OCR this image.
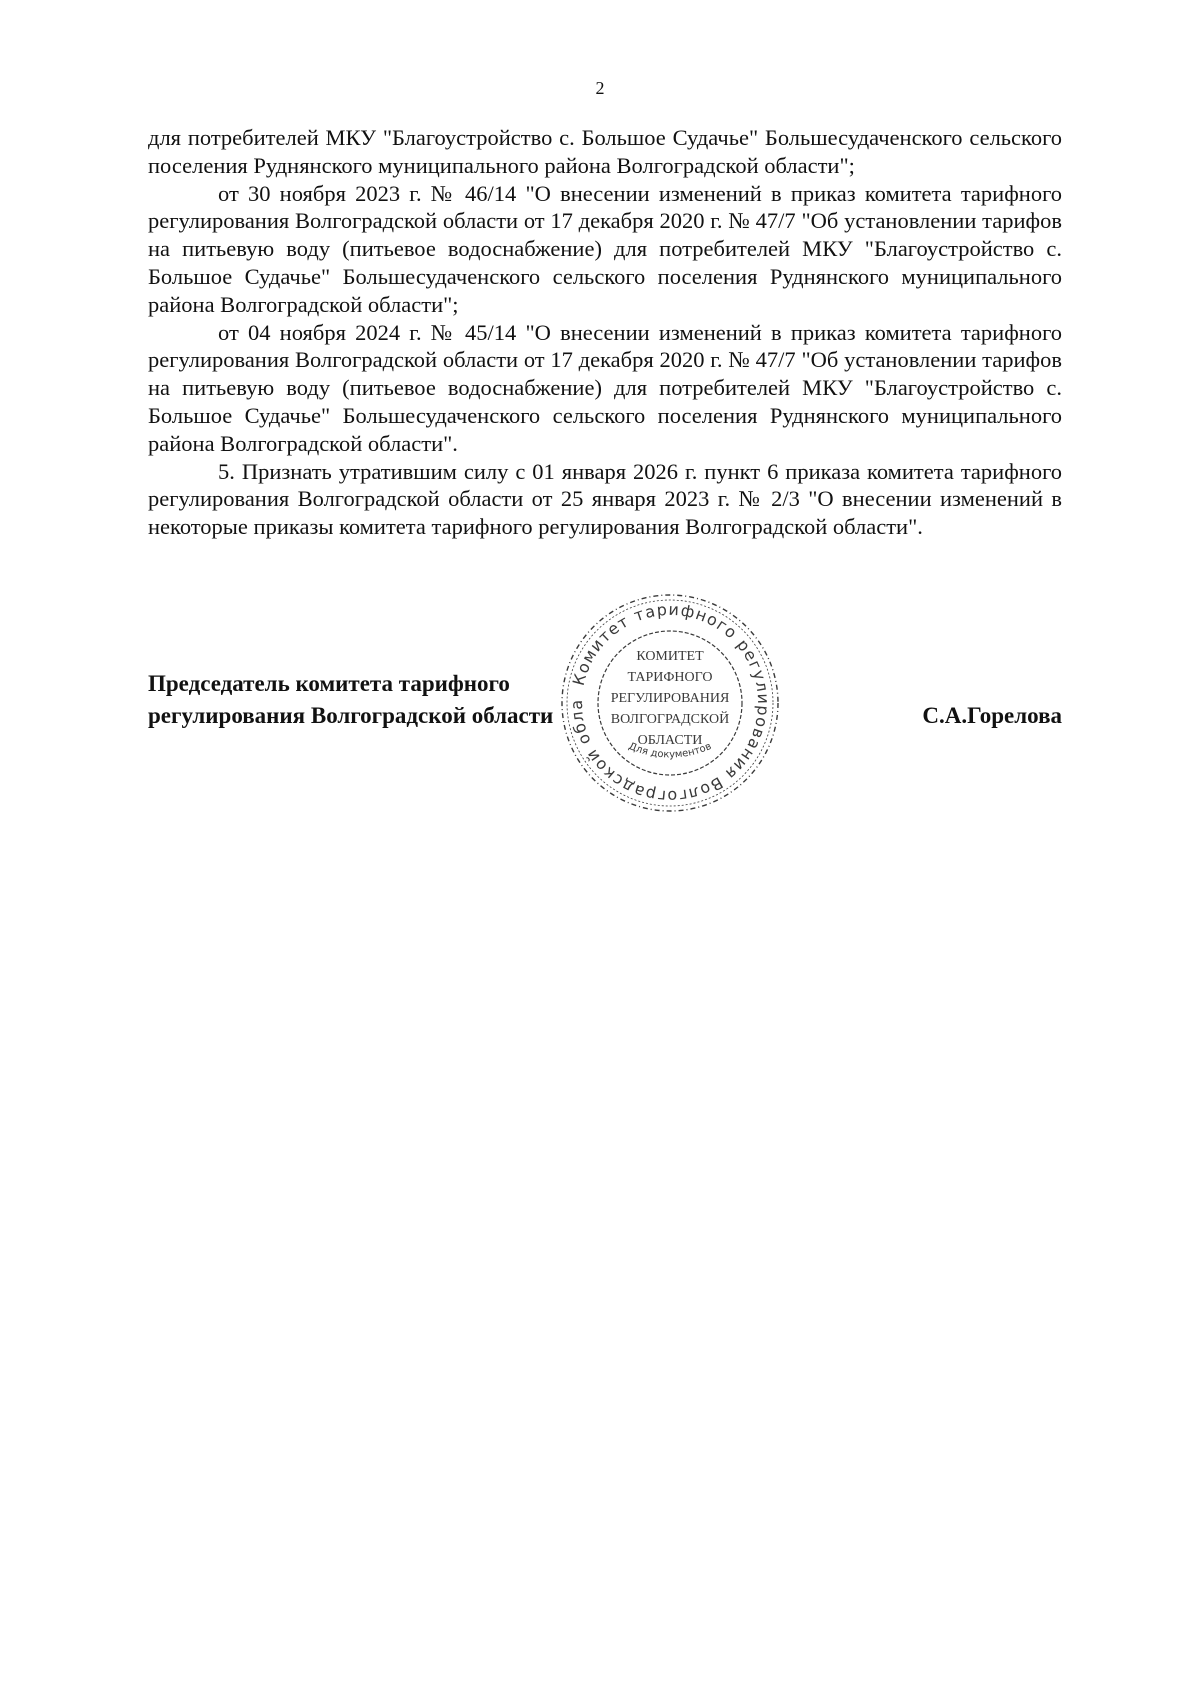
2

для потребителей МКУ "Благоустройство с. Большое Судачье" Большесудаченского сельского поселения Руднянского муниципального района Волгоградской области";

от 30 ноября 2023 г. № 46/14 "О внесении изменений в приказ комитета тарифного регулирования Волгоградской области от 17 декабря 2020 г. № 47/7 "Об установлении тарифов на питьевую воду (питьевое водоснабжение) для потребителей МКУ "Благоустройство с. Большое Судачье" Большесудаченского сельского поселения Руднянского муниципального района Волгоградской области";

от 04 ноября 2024 г. № 45/14 "О внесении изменений в приказ комитета тарифного регулирования Волгоградской области от 17 декабря 2020 г. № 47/7 "Об установлении тарифов на питьевую воду (питьевое водоснабжение) для потребителей МКУ "Благоустройство с. Большое Судачье" Большесудаченского сельского поселения Руднянского муниципального района Волгоградской области".

5. Признать утратившим силу с 01 января 2026 г. пункт 6 приказа комитета тарифного регулирования Волгоградской области от 25 января 2023 г. № 2/3 "О внесении изменений в некоторые приказы комитета тарифного регулирования Волгоградской области".

Председатель комитета тарифного
регулирования Волгоградской области	С.А.Горелова
Комитет тарифного регулирования Волгоградской области *
Для документов
КОМИТЕТ
ТАРИФНОГО
РЕГУЛИРОВАНИЯ
ВОЛГОГРАДСКОЙ
ОБЛАСТИ
